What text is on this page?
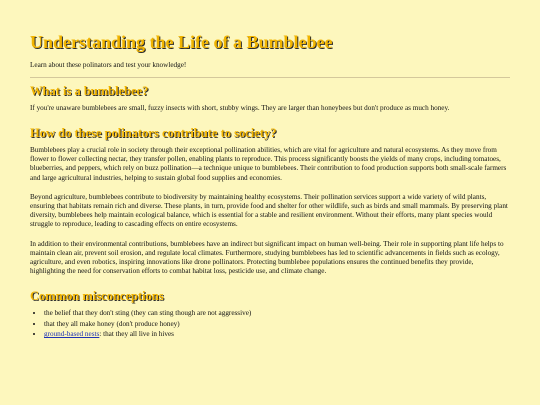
Understanding the Life of a Bumblebee

Learn about these polinators and test your knowledge!

What is a bumblebee?

If you're unaware bumblebees are small, fuzzy insects with short, stubby wings. They are larger than honeybees but don't produce as much honey.

How do these polinators contribute to society?

Bumblebees play a crucial role in society through their exceptional pollination abilities, which are vital for agriculture and natural ecosystems. As they move from flower to flower collecting nectar, they transfer pollen, enabling plants to reproduce. This process significantly boosts the yields of many crops, including tomatoes, blueberries, and peppers, which rely on buzz pollination—a technique unique to bumblebees. Their contribution to food production supports both small-scale farmers and large agricultural industries, helping to sustain global food supplies and economies.

Beyond agriculture, bumblebees contribute to biodiversity by maintaining healthy ecosystems. Their pollination services support a wide variety of wild plants, ensuring that habitats remain rich and diverse. These plants, in turn, provide food and shelter for other wildlife, such as birds and small mammals. By preserving plant diversity, bumblebees help maintain ecological balance, which is essential for a stable and resilient environment. Without their efforts, many plant species would struggle to reproduce, leading to cascading effects on entire ecosystems.

In addition to their environmental contributions, bumblebees have an indirect but significant impact on human well-being. Their role in supporting plant life helps to maintain clean air, prevent soil erosion, and regulate local climates. Furthermore, studying bumblebees has led to scientific advancements in fields such as ecology, agriculture, and even robotics, inspiring innovations like drone pollinators. Protecting bumblebee populations ensures the continued benefits they provide, highlighting the need for conservation efforts to combat habitat loss, pesticide use, and climate change.

Common misconceptions
• the belief that they don't sting (they can sting though are not aggressive)
• that they all make honey (don't produce honey)
• ground-based nests: that they all live in hives
